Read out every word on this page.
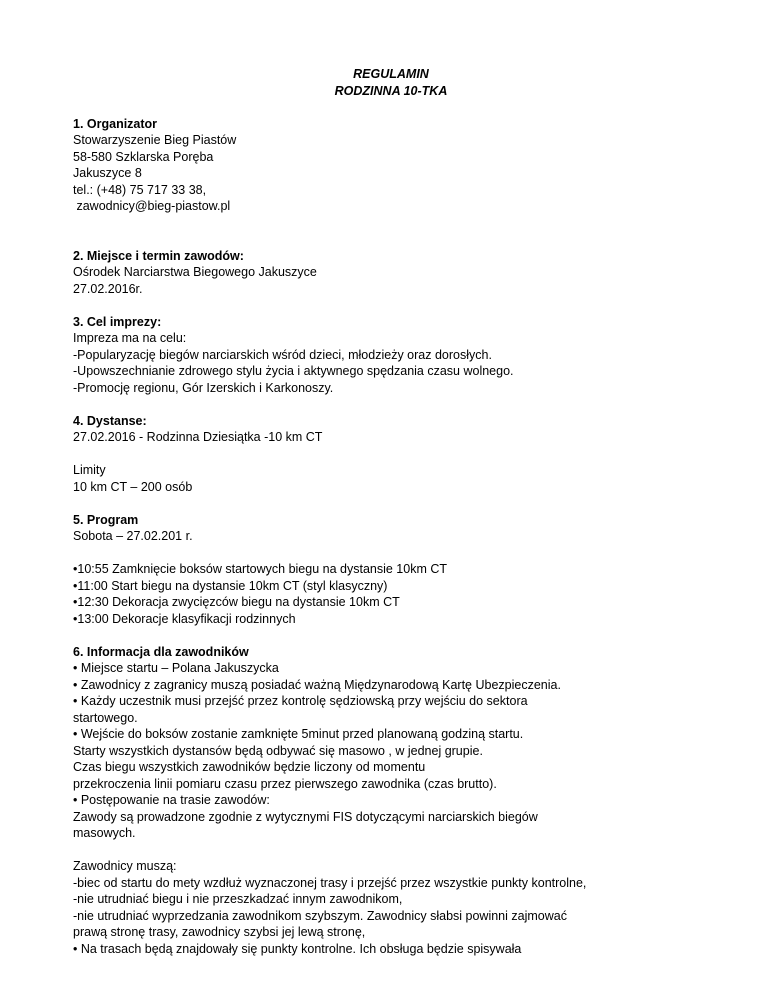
REGULAMIN
RODZINNA 10-TKA
1. Organizator
Stowarzyszenie Bieg Piastów
58-580 Szklarska Poręba
Jakuszyce 8
tel.: (+48) 75 717 33 38,
zawodnicy@bieg-piastow.pl
2. Miejsce i termin zawodów:
Ośrodek Narciarstwa Biegowego Jakuszyce
27.02.2016r.
3. Cel imprezy:
Impreza ma na celu:
-Popularyzację biegów narciarskich wśród dzieci, młodzieży oraz dorosłych.
-Upowszechnianie zdrowego stylu życia i aktywnego spędzania czasu wolnego.
-Promocję regionu, Gór Izerskich i Karkonoszy.
4. Dystanse:
27.02.2016 - Rodzinna Dziesiątka -10 km CT
Limity
10 km CT – 200 osób
5. Program
Sobota – 27.02.201 r.
•10:55 Zamknięcie boksów startowych biegu na dystansie 10km CT
•11:00 Start biegu na dystansie 10km CT (styl klasyczny)
•12:30 Dekoracja zwycięzców biegu na dystansie 10km CT
•13:00 Dekoracje klasyfikacji rodzinnych
6. Informacja dla zawodników
• Miejsce startu – Polana Jakuszycka
• Zawodnicy z zagranicy muszą posiadać ważną Międzynarodową Kartę Ubezpieczenia.
• Każdy uczestnik musi przejść przez kontrolę sędziowską przy wejściu do sektora
startowego.
• Wejście do boksów zostanie zamknięte 5minut przed planowaną godziną startu.
Starty wszystkich dystansów będą odbywać się masowo , w jednej grupie.
Czas biegu wszystkich zawodników będzie liczony od momentu
przekroczenia linii pomiaru czasu przez pierwszego zawodnika (czas brutto).
• Postępowanie na trasie zawodów:
Zawody są prowadzone zgodnie z wytycznymi FIS dotyczącymi narciarskich biegów
masowych.
Zawodnicy muszą:
-biec od startu do mety wzdłuż wyznaczonej trasy i przejść przez wszystkie punkty kontrolne,
-nie utrudniać biegu i nie przeszkadzać innym zawodnikom,
-nie utrudniać wyprzedzania zawodnikom szybszym. Zawodnicy słabsi powinni zajmować
prawą stronę trasy, zawodnicy szybsi jej lewą stronę,
• Na trasach będą znajdowały się punkty kontrolne. Ich obsługa będzie spisywała
